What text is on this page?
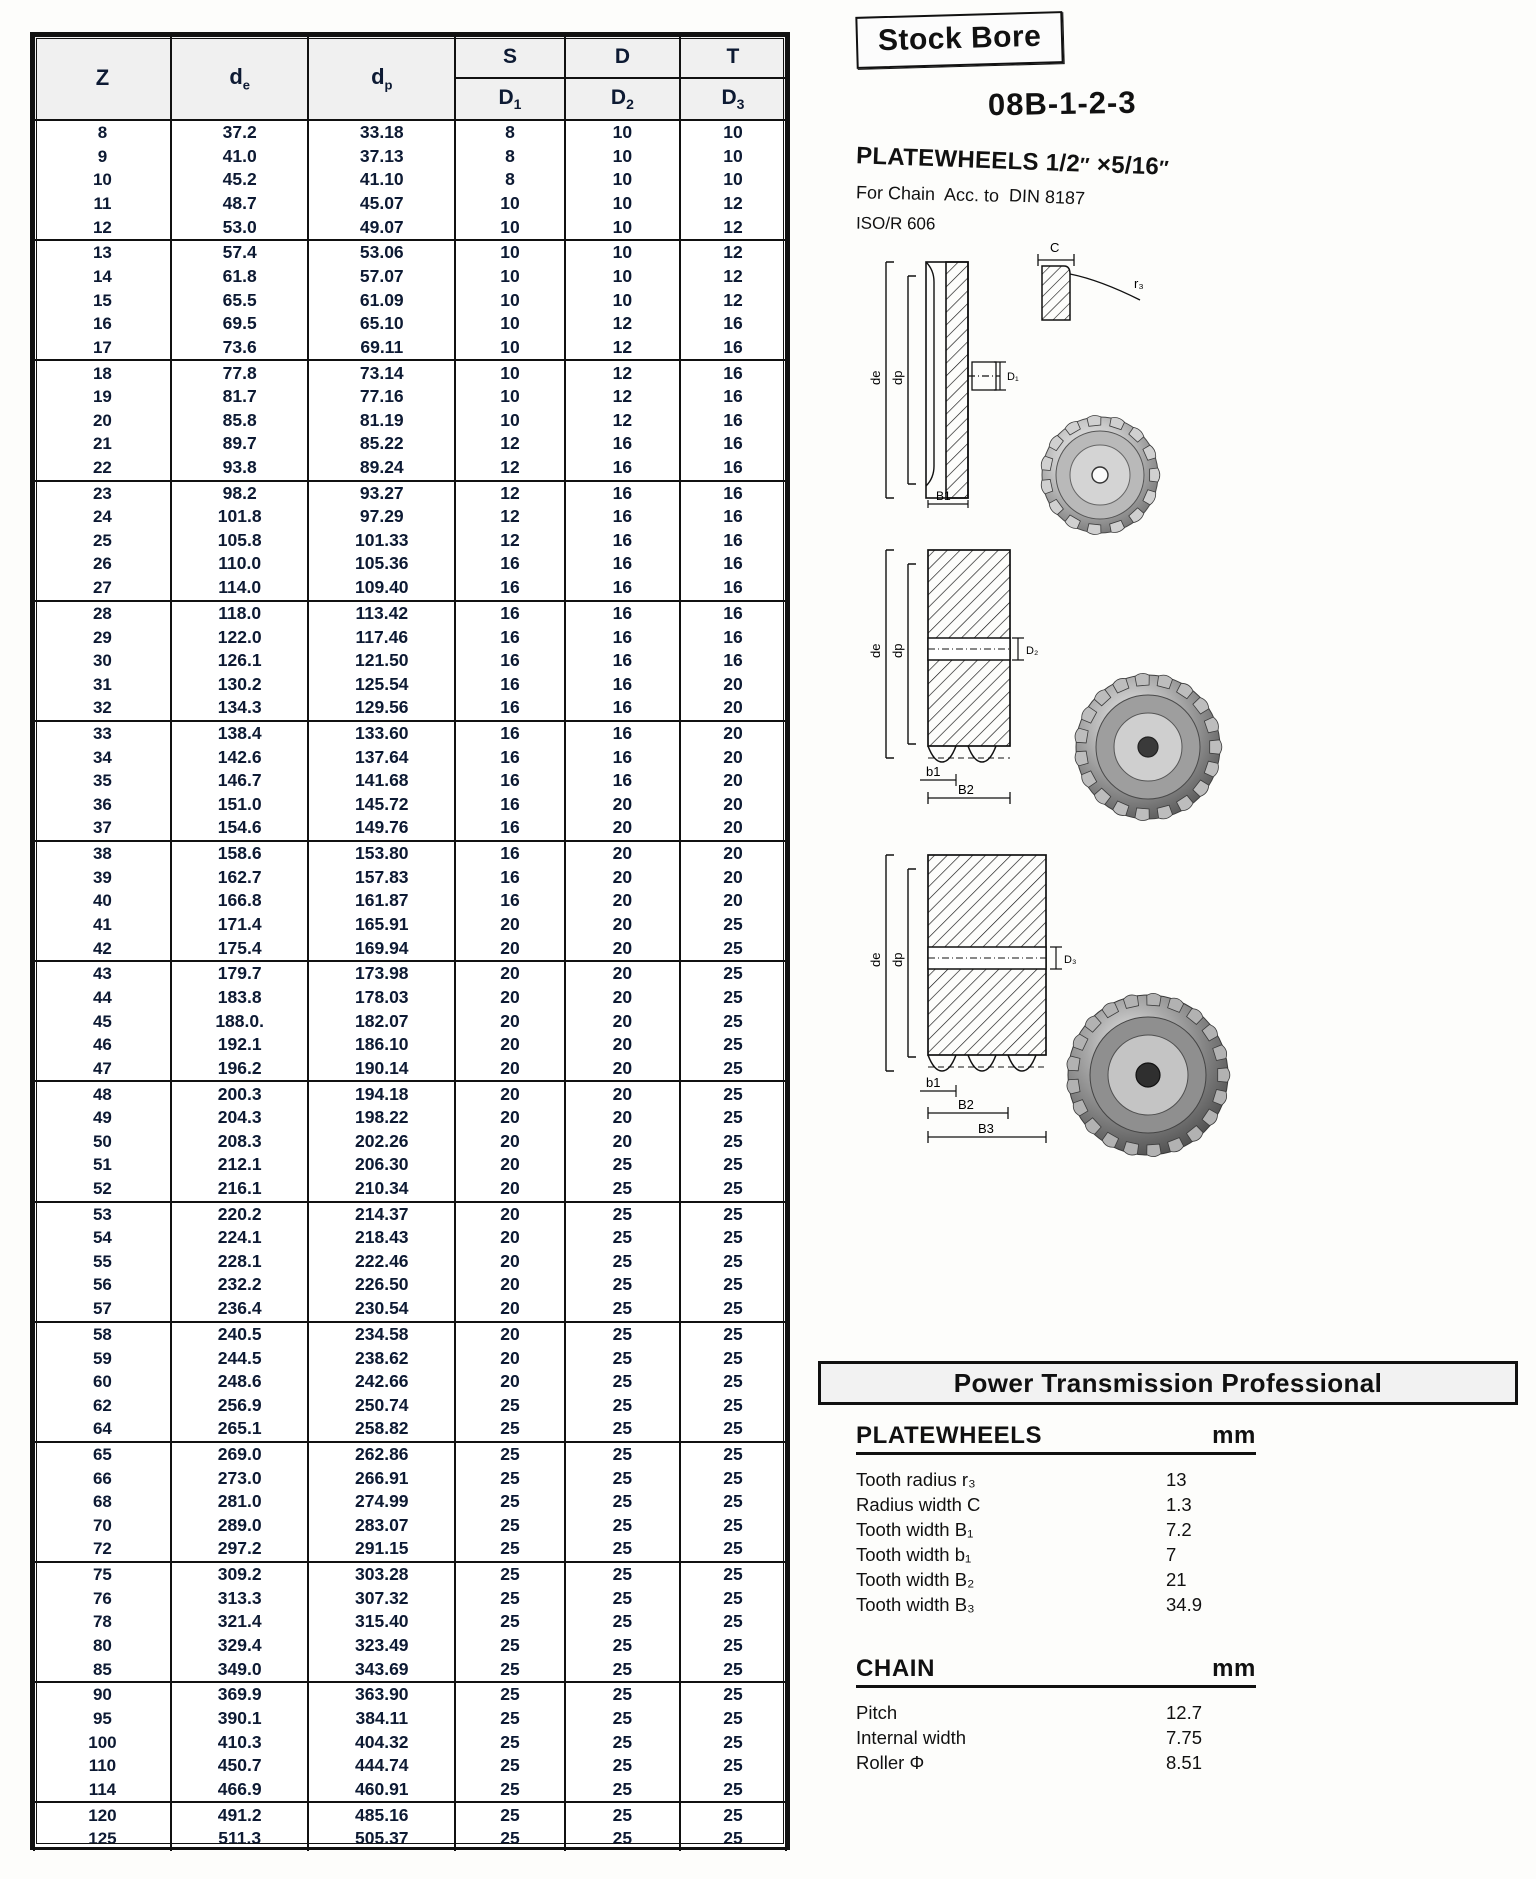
Z	$d_e$	$d_p$	S	D	T
			$D_1$	$D_2$	$D_3$
8	37.2	33.18	8	10	10
9	41.0	37.13	8	10	10
10	45.2	41.10	8	10	10
11	48.7	45.07	10	10	12
12	53.0	49.07	10	10	12
13	57.4	53.06	10	10	12
14	61.8	57.07	10	10	12
15	65.5	61.09	10	10	12
16	69.5	65.10	10	12	16
17	73.6	69.11	10	12	16
18	77.8	73.14	10	12	16
19	81.7	77.16	10	12	16
20	85.8	81.19	10	12	16
21	89.7	85.22	12	16	16
22	93.8	89.24	12	16	16
23	98.2	93.27	12	16	16
24	101.8	97.29	12	16	16
25	105.8	101.33	12	16	16
26	110.0	105.36	16	16	16
27	114.0	109.40	16	16	16
28	118.0	113.42	16	16	16
29	122.0	117.46	16	16	16
30	126.1	121.50	16	16	16
31	130.2	125.54	16	16	20
32	134.3	129.56	16	16	20
33	138.4	133.60	16	16	20
34	142.6	137.64	16	16	20
35	146.7	141.68	16	16	20
36	151.0	145.72	16	20	20
37	154.6	149.76	16	20	20
38	158.6	153.80	16	20	20
39	162.7	157.83	16	20	20
40	166.8	161.87	16	20	20
41	171.4	165.91	20	20	25
42	175.4	169.94	20	20	25
43	179.7	173.98	20	20	25
44	183.8	178.03	20	20	25
45	188.0.	182.07	20	20	25
46	192.1	186.10	20	20	25
47	196.2	190.14	20	20	25
48	200.3	194.18	20	20	25
49	204.3	198.22	20	20	25
50	208.3	202.26	20	20	25
51	212.1	206.30	20	25	25
52	216.1	210.34	20	25	25
53	220.2	214.37	20	25	25
54	224.1	218.43	20	25	25
55	228.1	222.46	20	25	25
56	232.2	226.50	20	25	25
57	236.4	230.54	20	25	25
58	240.5	234.58	20	25	25
59	244.5	238.62	20	25	25
60	248.6	242.66	20	25	25
62	256.9	250.74	25	25	25
64	265.1	258.82	25	25	25
65	269.0	262.86	25	25	25
66	273.0	266.91	25	25	25
68	281.0	274.99	25	25	25
70	289.0	283.07	25	25	25
72	297.2	291.15	25	25	25
75	309.2	303.28	25	25	25
76	313.3	307.32	25	25	25
78	321.4	315.40	25	25	25
80	329.4	323.49	25	25	25
85	349.0	343.69	25	25	25
90	369.9	363.90	25	25	25
95	390.1	384.11	25	25	25
100	410.3	404.32	25	25	25
110	450.7	444.74	25	25	25
114	466.9	460.91	25	25	25
120	491.2	485.16	25	25	25
125	511.3	505.37	25	25	25
Stock Bore
08B-1-2-3
PLATEWHEELS 1/2″ ×5/16″
For Chain Acc. to DIN 8187
ISO/R 606
D₁
B1
de dp
C
r₃
de dp	D₂
b1
B2
de dp	D₃
b1
B2
B3
Power Transmission Professional
PLATEWHEELS	mm
Tooth radius r₃	13
Radius width C	1.3
Tooth width B₁	7.2
Tooth width b₁	7
Tooth width B₂	21
Tooth width B₃	34.9
CHAIN	mm
Pitch	12.7
Internal width	7.75
Roller Φ	8.51
